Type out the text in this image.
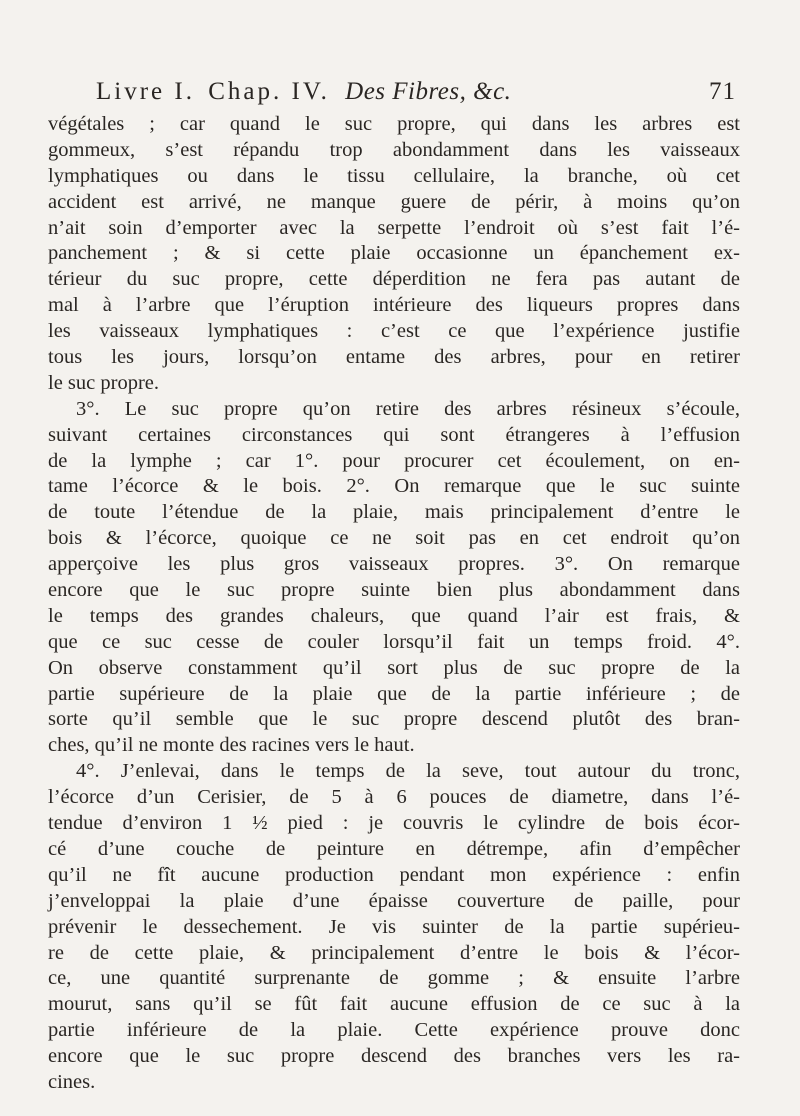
Livre I. Chap. IV. Des Fibres, &c.	71
végétales ; car quand le suc propre, qui dans les arbres est
gommeux, s’est répandu trop abondamment dans les vaisseaux
lymphatiques ou dans le tissu cellulaire, la branche, où cet
accident est arrivé, ne manque guere de périr, à moins qu’on
n’ait soin d’emporter avec la serpette l’endroit où s’est fait l’é-
panchement ; & si cette plaie occasionne un épanchement ex-
térieur du suc propre, cette déperdition ne fera pas autant de
mal à l’arbre que l’éruption intérieure des liqueurs propres dans
les vaisseaux lymphatiques : c’est ce que l’expérience justifie
tous les jours, lorsqu’on entame des arbres, pour en retirer
le suc propre.
3°. Le suc propre qu’on retire des arbres résineux s’écoule,
suivant certaines circonstances qui sont étrangeres à l’effusion
de la lymphe ; car 1°. pour procurer cet écoulement, on en-
tame l’écorce & le bois. 2°. On remarque que le suc suinte
de toute l’étendue de la plaie, mais principalement d’entre le
bois & l’écorce, quoique ce ne soit pas en cet endroit qu’on
apperçoive les plus gros vaisseaux propres. 3°. On remarque
encore que le suc propre suinte bien plus abondamment dans
le temps des grandes chaleurs, que quand l’air est frais, &
que ce suc cesse de couler lorsqu’il fait un temps froid. 4°.
On observe constamment qu’il sort plus de suc propre de la
partie supérieure de la plaie que de la partie inférieure ; de
sorte qu’il semble que le suc propre descend plutôt des bran-
ches, qu’il ne monte des racines vers le haut.
4°. J’enlevai, dans le temps de la seve, tout autour du tronc,
l’écorce d’un Cerisier, de 5 à 6 pouces de diametre, dans l’é-
tendue d’environ 1 ½ pied : je couvris le cylindre de bois écor-
cé d’une couche de peinture en détrempe, afin d’empêcher
qu’il ne fît aucune production pendant mon expérience : enfin
j’enveloppai la plaie d’une épaisse couverture de paille, pour
prévenir le dessechement. Je vis suinter de la partie supérieu-
re de cette plaie, & principalement d’entre le bois & l’écor-
ce, une quantité surprenante de gomme ; & ensuite l’arbre
mourut, sans qu’il se fût fait aucune effusion de ce suc à la
partie inférieure de la plaie. Cette expérience prouve donc
encore que le suc propre descend des branches vers les ra-
cines.
